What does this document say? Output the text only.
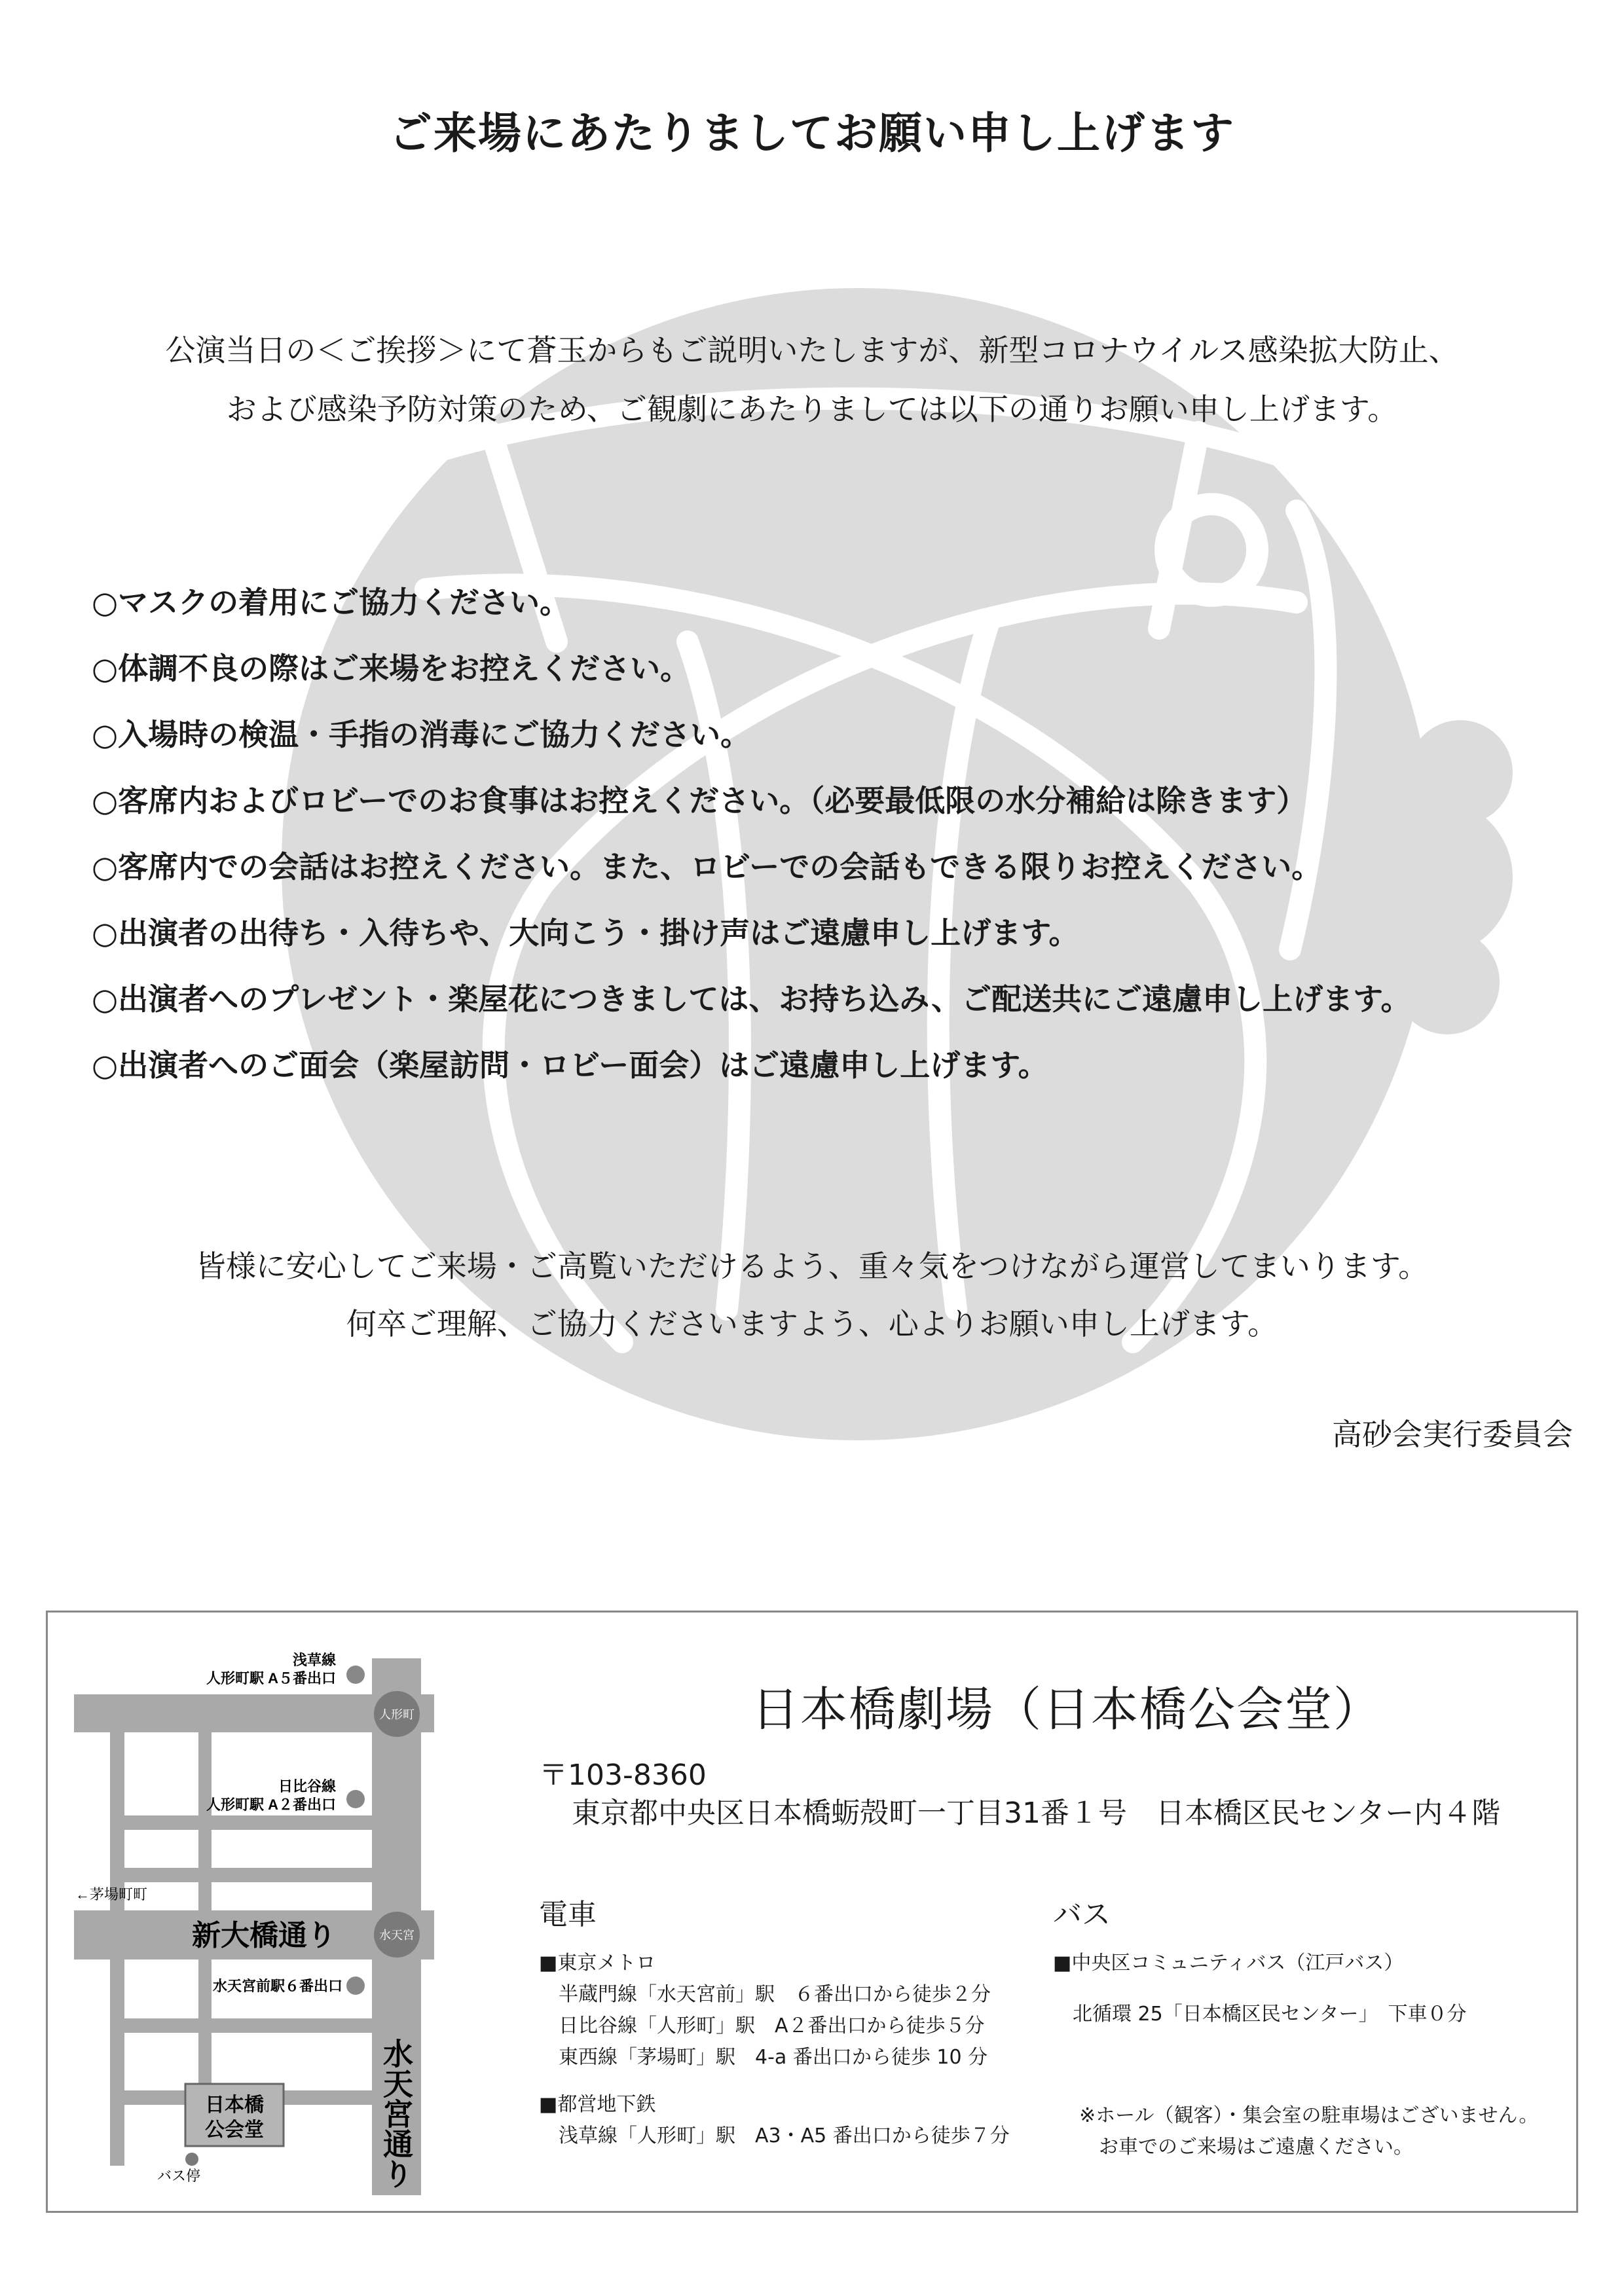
ご来場にあたりましてお願い申し上げます
公演当日の＜ご挨拶＞にて蒼玉からもご説明いたしますが、新型コロナウイルス感染拡大防止、
および感染予防対策のため、ご観劇にあたりましては以下の通りお願い申し上げます。
○マスクの着用にご協力ください。
○体調不良の際はご来場をお控えください。
○入場時の検温・手指の消毒にご協力ください。
○客席内およびロビーでのお食事はお控えください。（必要最低限の水分補給は除きます）
○客席内での会話はお控えください。また、ロビーでの会話もできる限りお控えください。
○出演者の出待ち・入待ちや、大向こう・掛け声はご遠慮申し上げます。
○出演者へのプレゼント・楽屋花につきましては、お持ち込み、ご配送共にご遠慮申し上げます。
○出演者へのご面会（楽屋訪問・ロビー面会）はご遠慮申し上げます。
皆様に安心してご来場・ご高覧いただけるよう、重々気をつけながら運営してまいります。
何卒ご理解、ご協力くださいますよう、心よりお願い申し上げます。
高砂会実行委員会
浅草線
人形町駅 A５番出口
人形町
日比谷線
人形町駅 A２番出口
←茅場町町
新大橋通り	水天宮
水天宮前駅６番出口
水天宮通り
日本橋
公会堂
バス停
日本橋劇場（日本橋公会堂）
〒103-8360
東京都中央区日本橋蛎殻町一丁目31番１号　日本橋区民センター内４階
電車
■東京メトロ
半蔵門線「水天宮前」駅　６番出口から徒歩２分
日比谷線「人形町」駅　A２番出口から徒歩５分
東西線「茅場町」駅　4-a 番出口から徒歩 10 分
■都営地下鉄
浅草線「人形町」駅　A3・A5 番出口から徒歩７分
バス
■中央区コミュニティバス（江戸バス）
北循環 25「日本橋区民センター」　下車０分
※ホール（観客）・集会室の駐車場はございません。
　お車でのご来場はご遠慮ください。
